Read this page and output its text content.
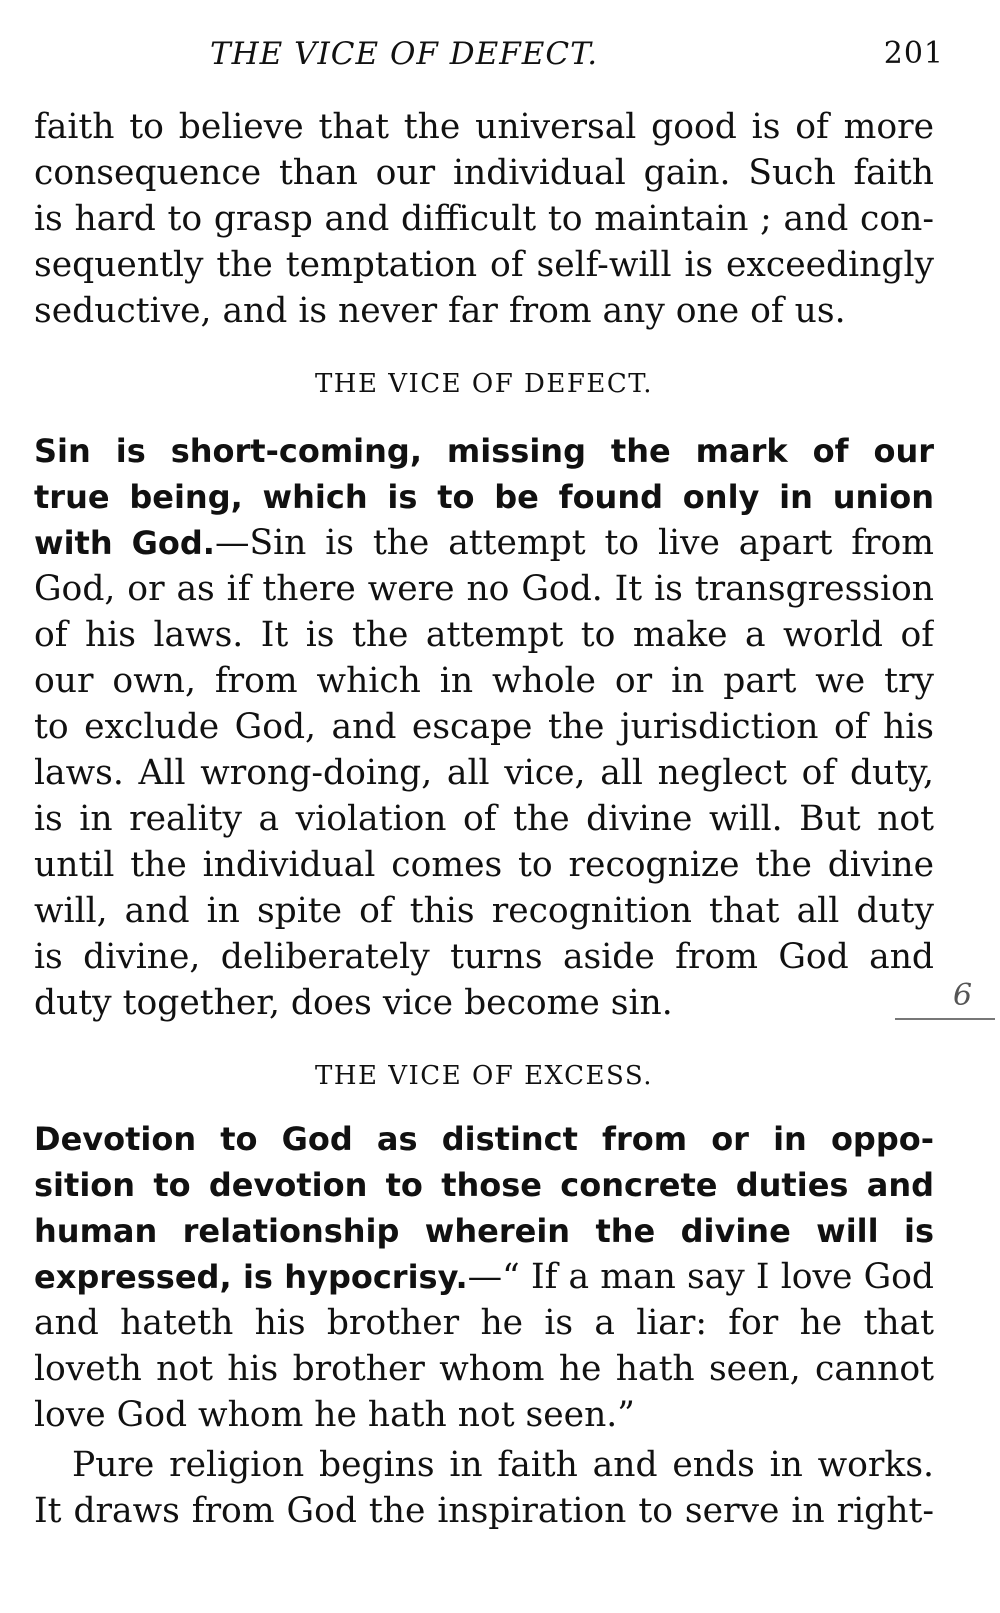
THE VICE OF DEFECT.	201
faith to believe that the universal good is of more
consequence than our individual gain. Such faith
is hard to grasp and difficult to maintain ; and con-
sequently the temptation of self-will is exceedingly
seductive, and is never far from any one of us.
THE VICE OF DEFECT.
Sin is short-coming, missing the mark of our
true being, which is to be found only in union
with God.—Sin is the attempt to live apart from
God, or as if there were no God. It is transgression
of his laws. It is the attempt to make a world of
our own, from which in whole or in part we try
to exclude God, and escape the jurisdiction of his
laws. All wrong-doing, all vice, all neglect of duty,
is in reality a violation of the divine will. But not
until the individual comes to recognize the divine
will, and in spite of this recognition that all duty
is divine, deliberately turns aside from God and
duty together, does vice become sin.	6
THE VICE OF EXCESS.
Devotion to God as distinct from or in oppo-
sition to devotion to those concrete duties and
human relationship wherein the divine will is
expressed, is hypocrisy.—“ If a man say I love God
and hateth his brother he is a liar: for he that
loveth not his brother whom he hath seen, cannot
love God whom he hath not seen.”
Pure religion begins in faith and ends in works.
It draws from God the inspiration to serve in right-
